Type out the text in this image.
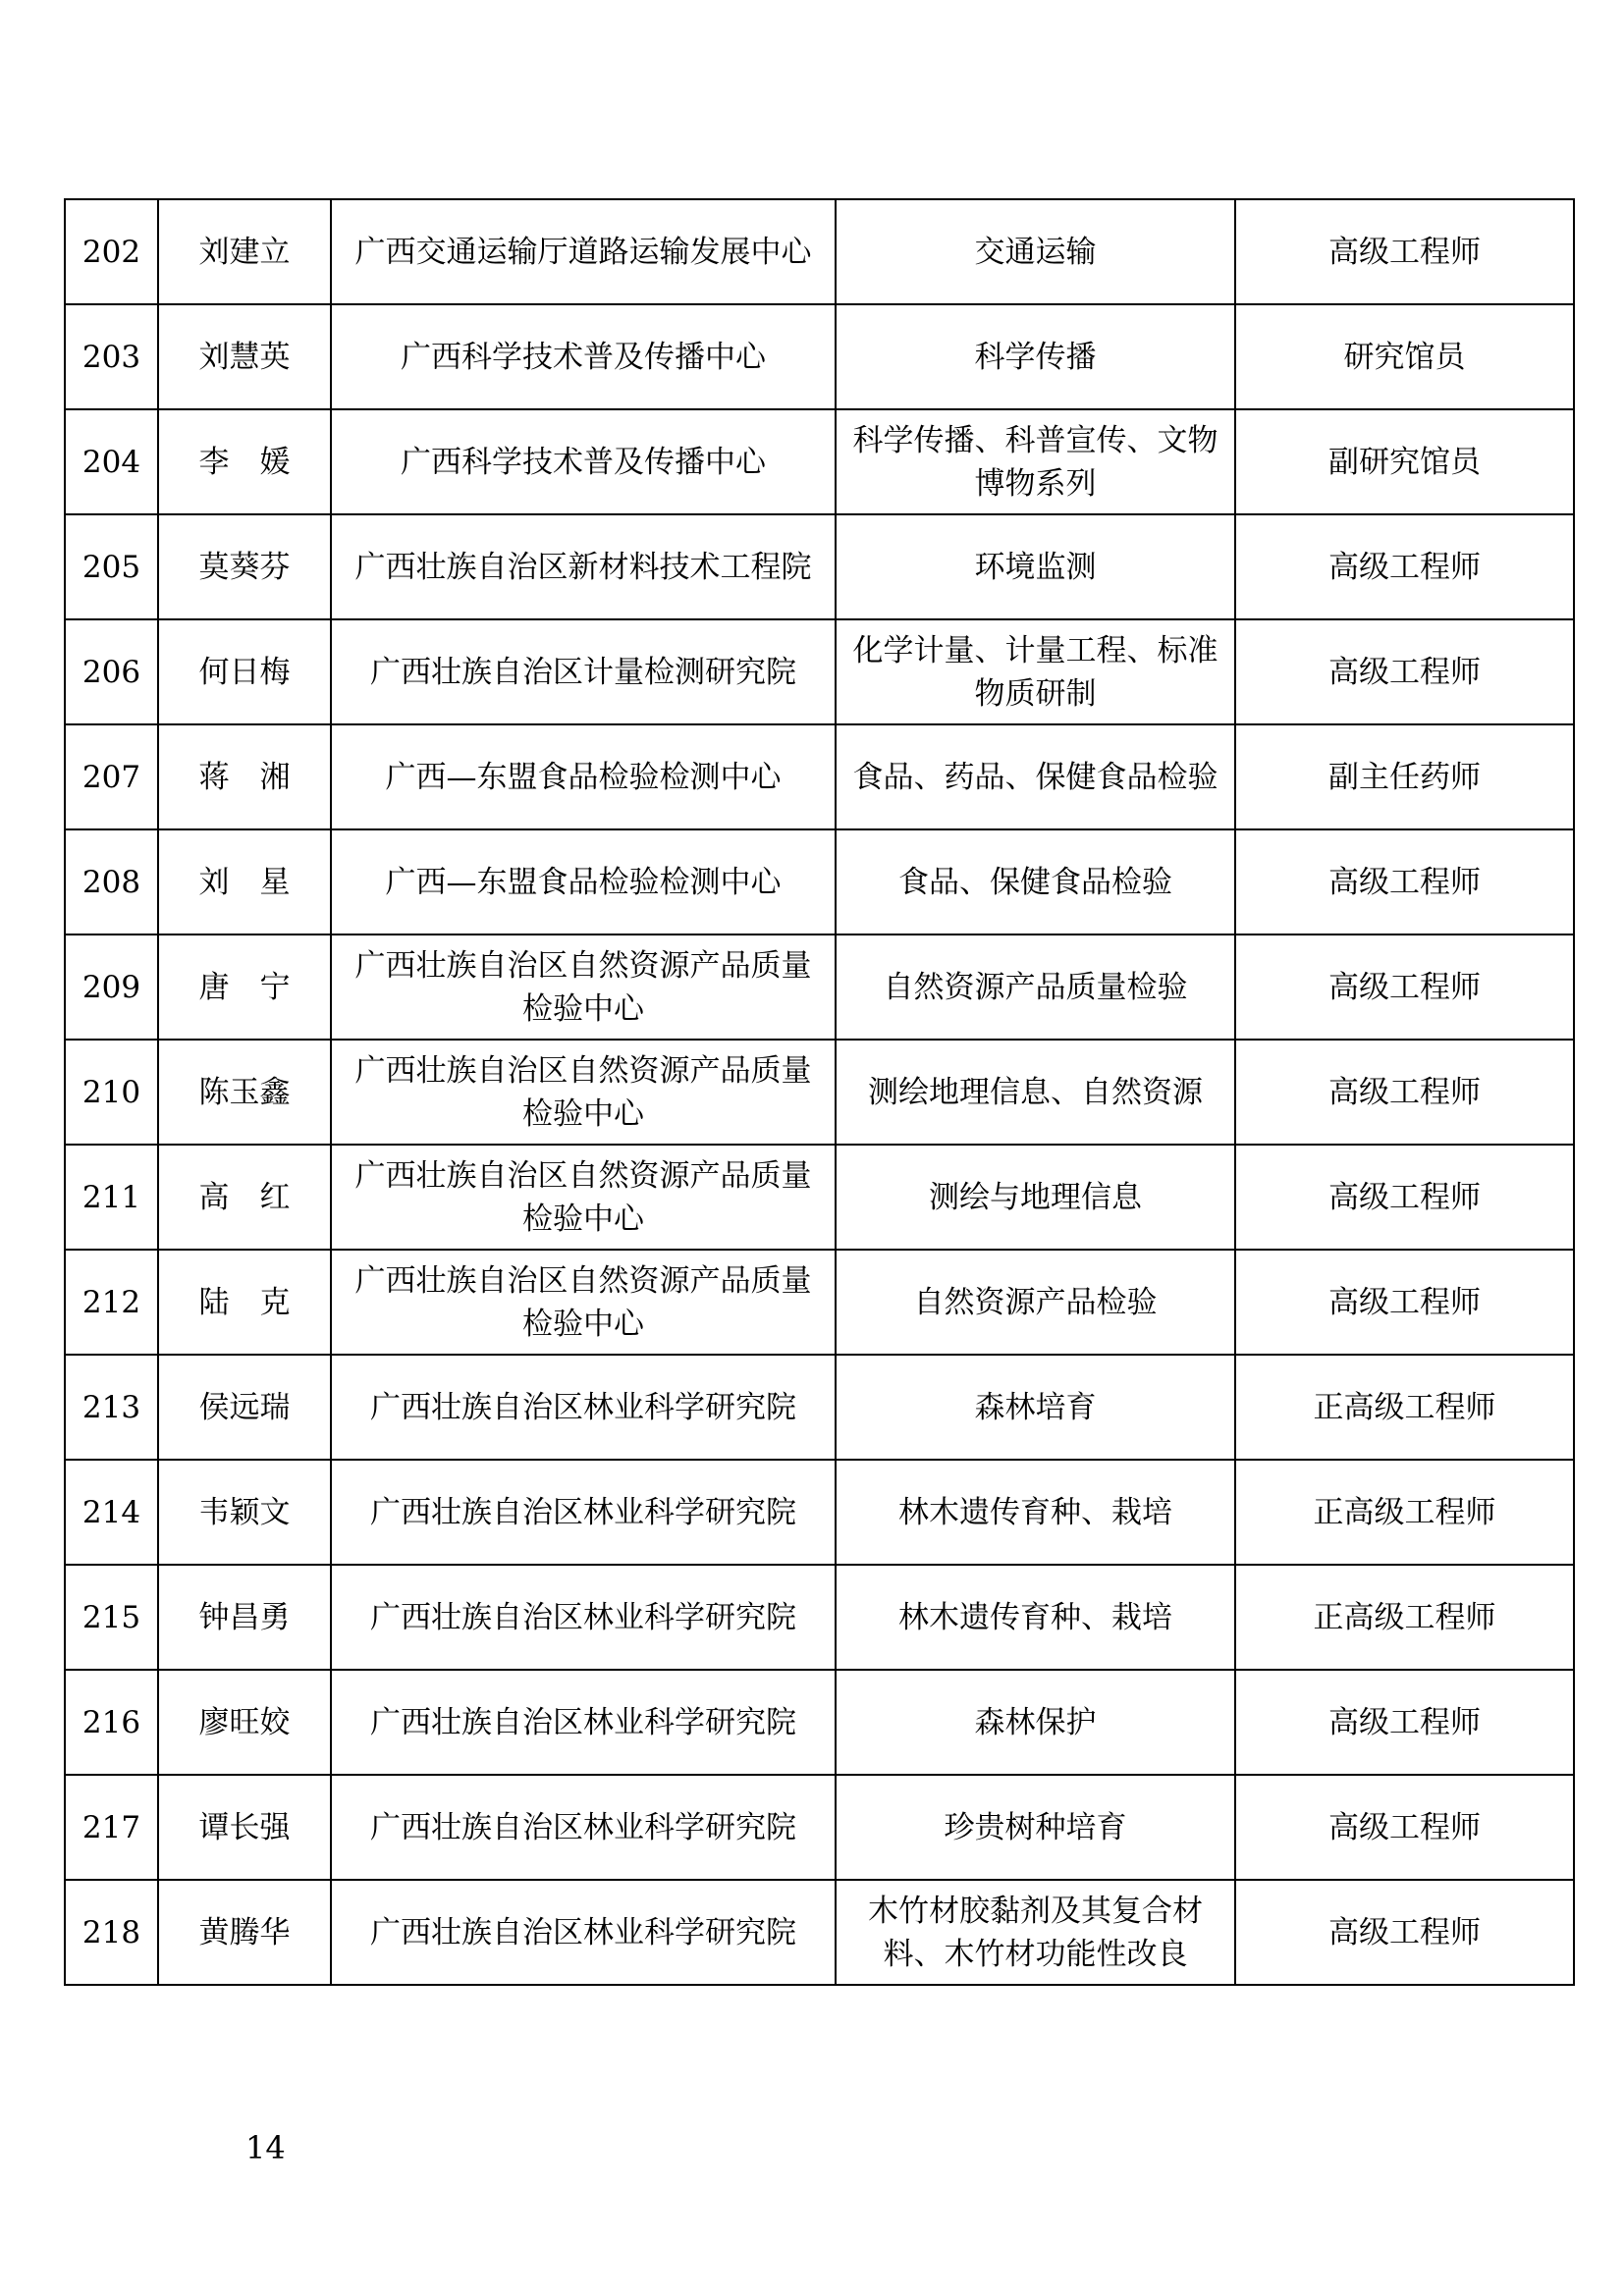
202	刘建立	广西交通运输厅道路运输发展中心	交通运输	高级工程师
203	刘慧英	广西科学技术普及传播中心	科学传播	研究馆员
204	李　媛	广西科学技术普及传播中心	科学传播、科普宣传、文物博物系列	副研究馆员
205	莫葵芬	广西壮族自治区新材料技术工程院	环境监测	高级工程师
206	何日梅	广西壮族自治区计量检测研究院	化学计量、计量工程、标准物质研制	高级工程师
207	蒋　湘	广西—东盟食品检验检测中心	食品、药品、保健食品检验	副主任药师
208	刘　星	广西—东盟食品检验检测中心	食品、保健食品检验	高级工程师
209	唐　宁	广西壮族自治区自然资源产品质量检验中心	自然资源产品质量检验	高级工程师
210	陈玉鑫	广西壮族自治区自然资源产品质量检验中心	测绘地理信息、自然资源	高级工程师
211	高　红	广西壮族自治区自然资源产品质量检验中心	测绘与地理信息	高级工程师
212	陆　克	广西壮族自治区自然资源产品质量检验中心	自然资源产品检验	高级工程师
213	侯远瑞	广西壮族自治区林业科学研究院	森林培育	正高级工程师
214	韦颖文	广西壮族自治区林业科学研究院	林木遗传育种、栽培	正高级工程师
215	钟昌勇	广西壮族自治区林业科学研究院	林木遗传育种、栽培	正高级工程师
216	廖旺姣	广西壮族自治区林业科学研究院	森林保护	高级工程师
217	谭长强	广西壮族自治区林业科学研究院	珍贵树种培育	高级工程师
218	黄腾华	广西壮族自治区林业科学研究院	木竹材胶黏剂及其复合材料、木竹材功能性改良	高级工程师
14
